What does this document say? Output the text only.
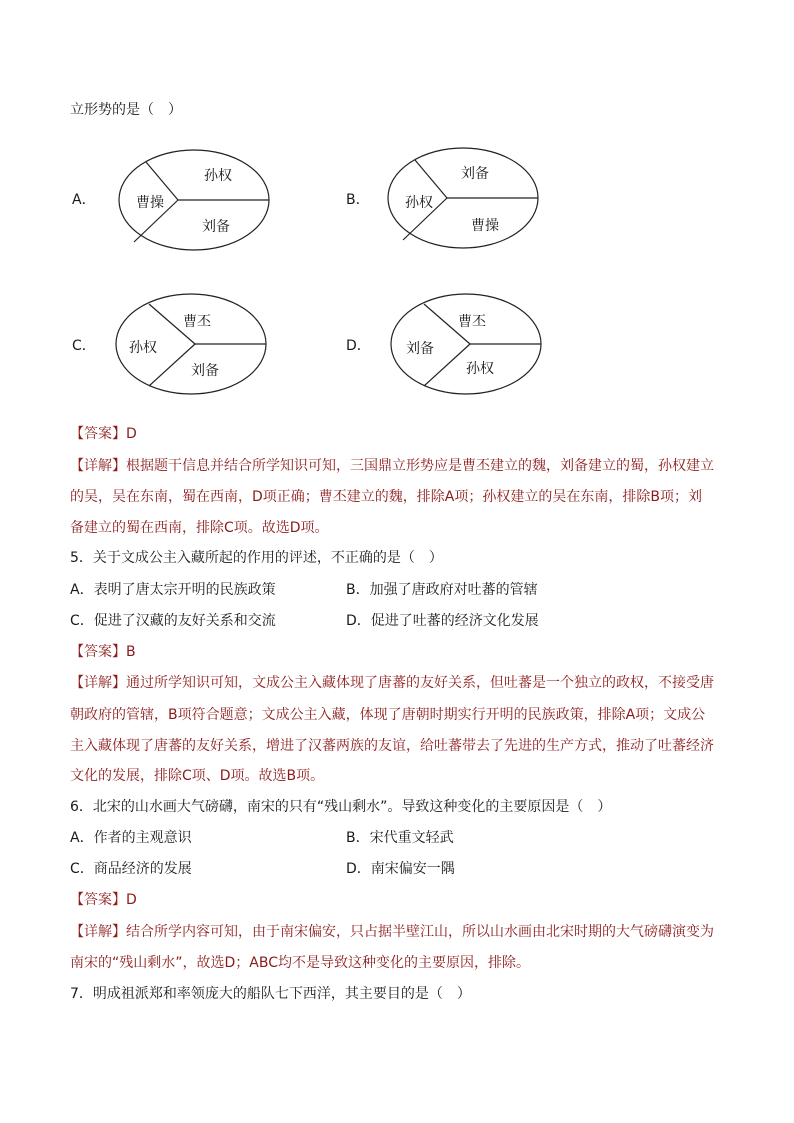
立形势的是（　）
A．
孙权
曹操
刘备
B．
刘备
孙权
曹操
C．
曹丕
孙权
刘备
D．
曹丕
刘备
孙权
【答案】D
【详解】根据题干信息并结合所学知识可知，三国鼎立形势应是曹丕建立的魏，刘备建立的蜀，孙权建立
的吴，吴在东南，蜀在西南，D项正确；曹丕建立的魏，排除A项；孙权建立的吴在东南，排除B项；刘
备建立的蜀在西南，排除C项。故选D项。
5．关于文成公主入藏所起的作用的评述，不正确的是（　）
A．表明了唐太宗开明的民族政策	B．加强了唐政府对吐蕃的管辖
C．促进了汉藏的友好关系和交流	D．促进了吐蕃的经济文化发展
【答案】B
【详解】通过所学知识可知，文成公主入藏体现了唐蕃的友好关系，但吐蕃是一个独立的政权，不接受唐
朝政府的管辖，B项符合题意；文成公主入藏，体现了唐朝时期实行开明的民族政策，排除A项；文成公
主入藏体现了唐蕃的友好关系，增进了汉蕃两族的友谊，给吐蕃带去了先进的生产方式，推动了吐蕃经济
文化的发展，排除C项、D项。故选B项。
6．北宋的山水画大气磅礴，南宋的只有“残山剩水”。导致这种变化的主要原因是（　）
A．作者的主观意识	B．宋代重文轻武
C．商品经济的发展	D．南宋偏安一隅
【答案】D
【详解】结合所学内容可知，由于南宋偏安，只占据半壁江山，所以山水画由北宋时期的大气磅礴演变为
南宋的“残山剩水”，故选D；ABC均不是导致这种变化的主要原因，排除。
7．明成祖派郑和率领庞大的船队七下西洋，其主要目的是（　）
